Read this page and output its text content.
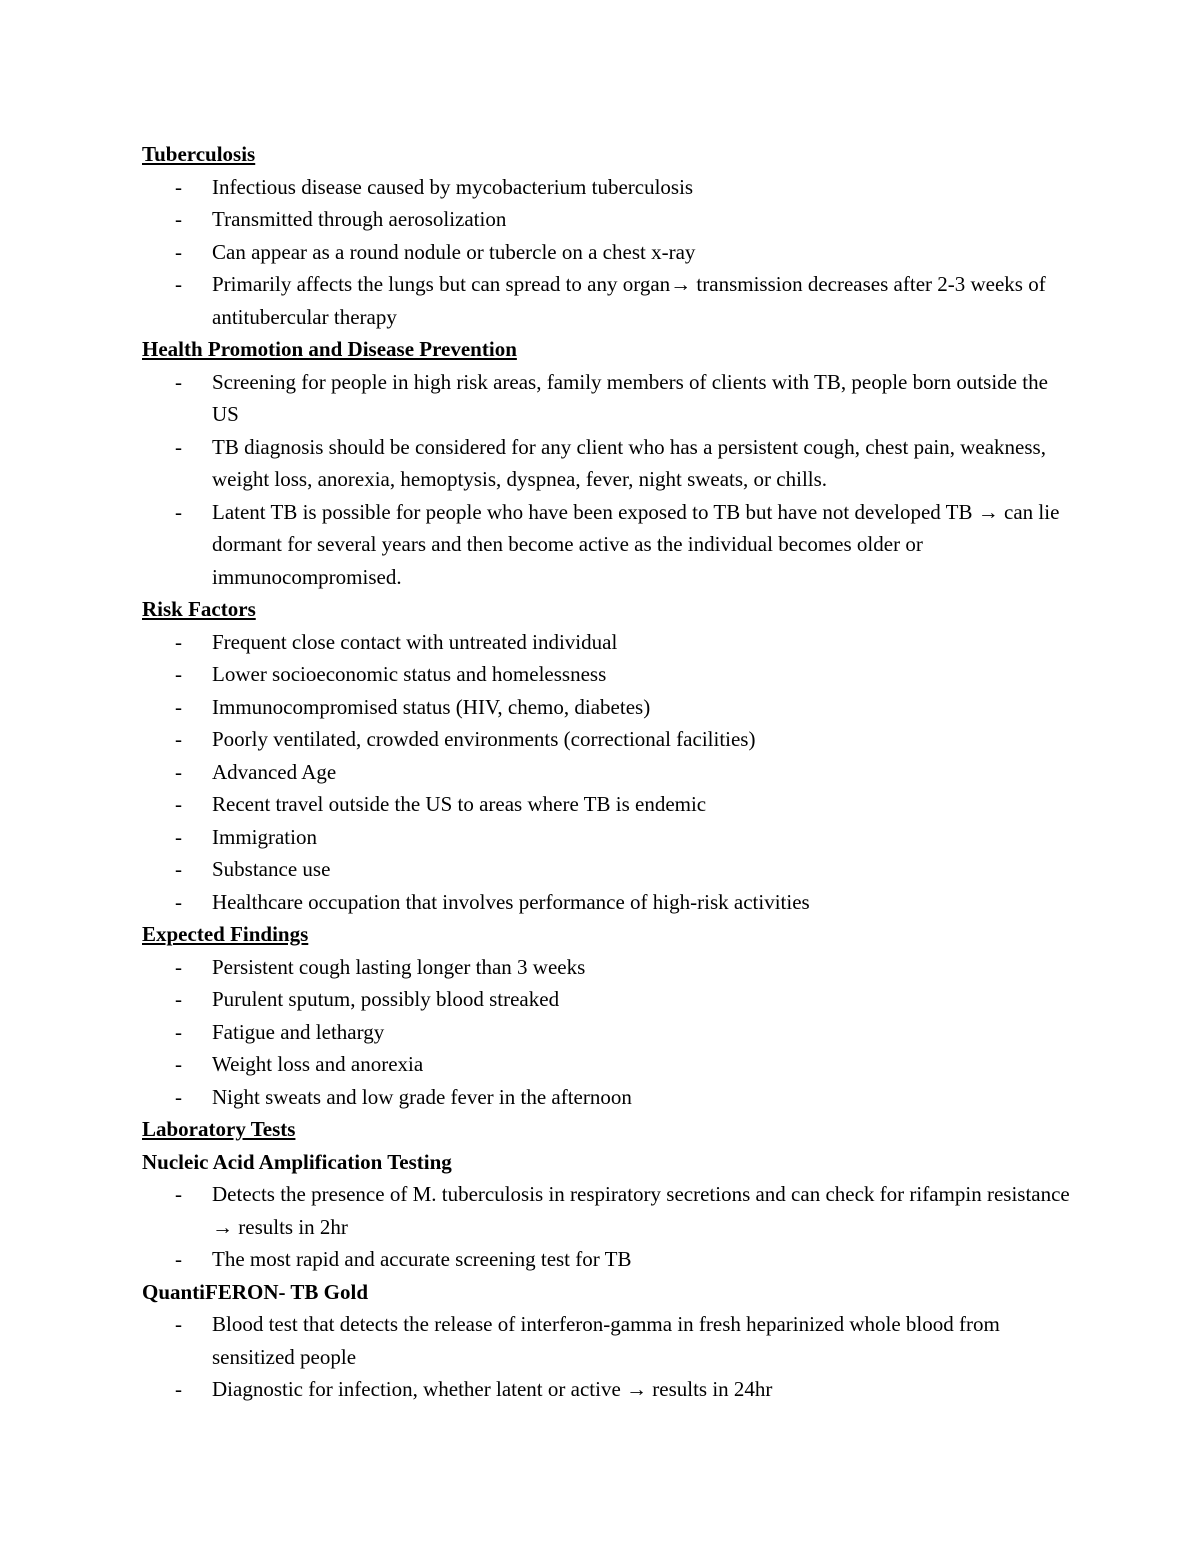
Tuberculosis

- Infectious disease caused by mycobacterium tuberculosis
- Transmitted through aerosolization
- Can appear as a round nodule or tubercle on a chest x-ray
- Primarily affects the lungs but can spread to any organ→ transmission decreases after 2-3 weeks of antitubercular therapy

Health Promotion and Disease Prevention

- Screening for people in high risk areas, family members of clients with TB, people born outside the US
- TB diagnosis should be considered for any client who has a persistent cough, chest pain, weakness, weight loss, anorexia, hemoptysis, dyspnea, fever, night sweats, or chills.
- Latent TB is possible for people who have been exposed to TB but have not developed TB → can lie dormant for several years and then become active as the individual becomes older or immunocompromised.

Risk Factors

- Frequent close contact with untreated individual
- Lower socioeconomic status and homelessness
- Immunocompromised status (HIV, chemo, diabetes)
- Poorly ventilated, crowded environments (correctional facilities)
- Advanced Age
- Recent travel outside the US to areas where TB is endemic
- Immigration
- Substance use
- Healthcare occupation that involves performance of high-risk activities

Expected Findings

- Persistent cough lasting longer than 3 weeks
- Purulent sputum, possibly blood streaked
- Fatigue and lethargy
- Weight loss and anorexia
- Night sweats and low grade fever in the afternoon

Laboratory Tests

Nucleic Acid Amplification Testing

- Detects the presence of M. tuberculosis in respiratory secretions and can check for rifampin resistance → results in 2hr
- The most rapid and accurate screening test for TB

QuantiFERON- TB Gold

- Blood test that detects the release of interferon-gamma in fresh heparinized whole blood from sensitized people
- Diagnostic for infection, whether latent or active → results in 24hr
